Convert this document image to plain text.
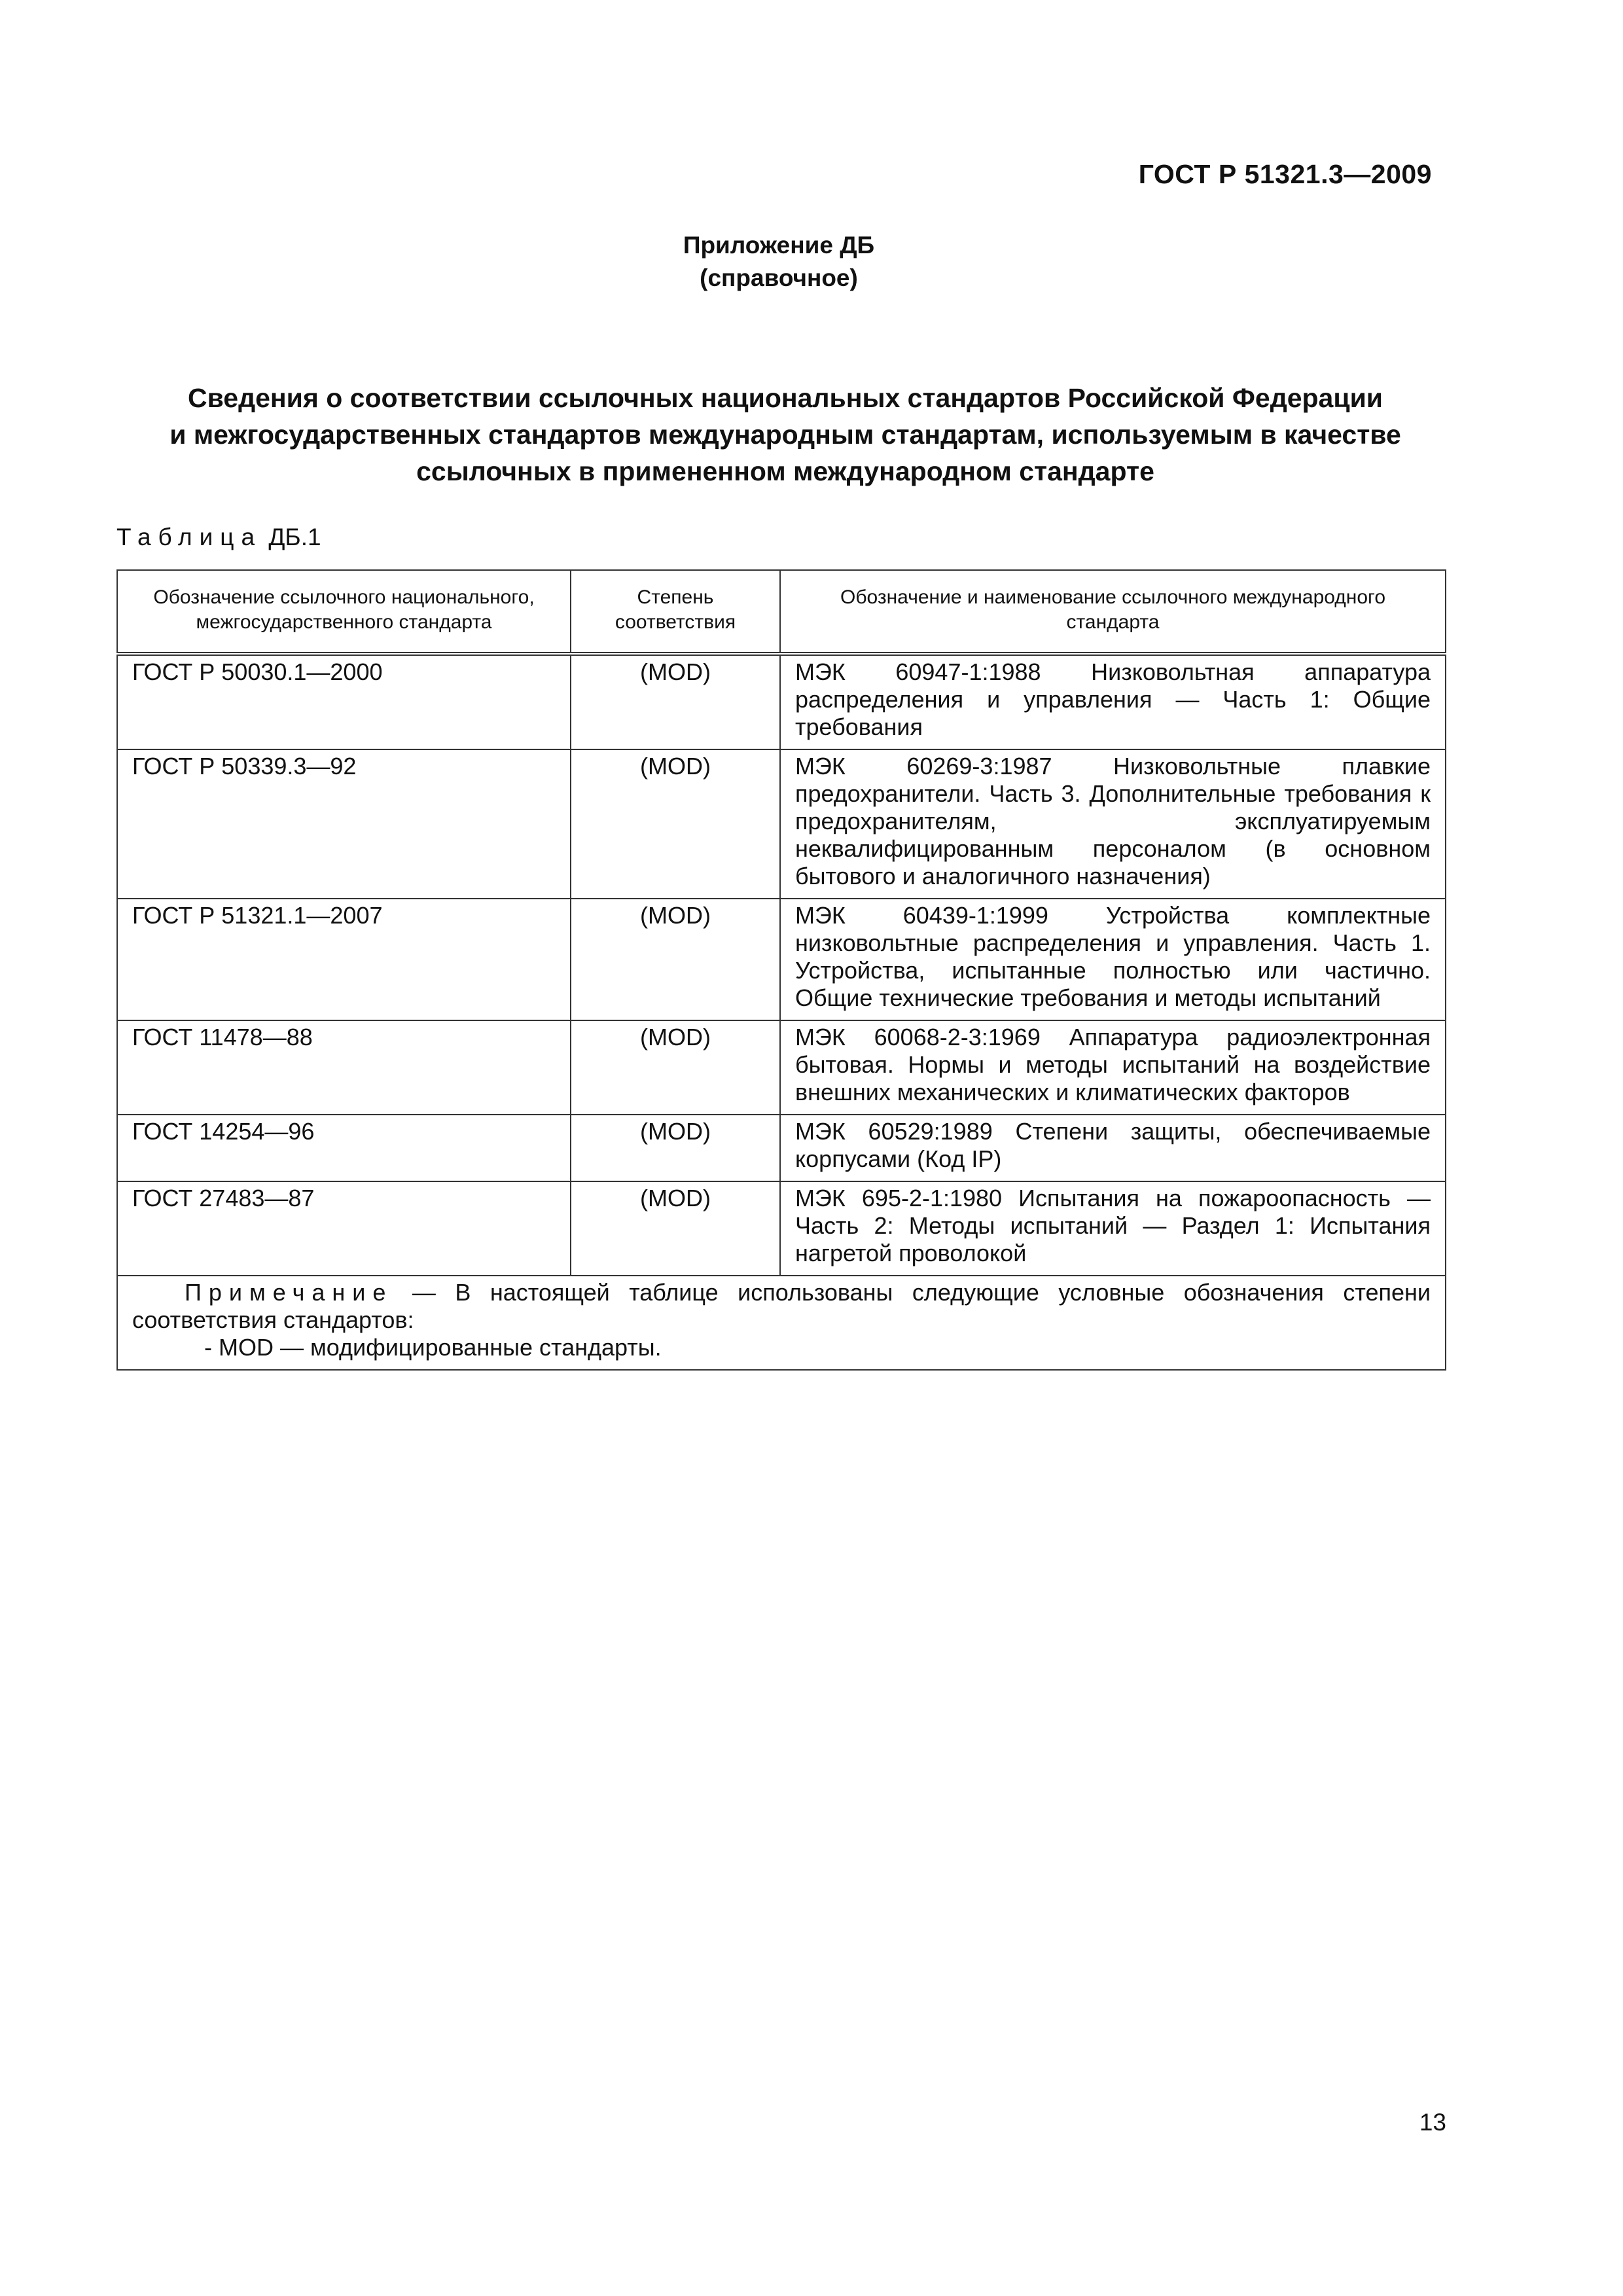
ГОСТ Р 51321.3—2009
Приложение ДБ
(справочное)
Сведения о соответствии ссылочных национальных стандартов Российской Федерации
и межгосударственных стандартов международным стандартам, используемым в качестве
ссылочных в примененном международном стандарте
Таблица ДБ.1
Обозначение ссылочного национального, межгосударственного стандарта	Степень соответствия	Обозначение и наименование ссылочного международного стандарта
ГОСТ Р 50030.1—2000	(MOD)	МЭК 60947-1:1988 Низковольтная аппаратура распределения и управления — Часть 1: Общие требования
ГОСТ Р 50339.3—92	(MOD)	МЭК 60269-3:1987 Низковольтные плавкие предохранители. Часть 3. Дополнительные требования к предохранителям, эксплуатируемым неквалифицированным персоналом (в основном бытового и аналогичного назначения)
ГОСТ Р 51321.1—2007	(MOD)	МЭК 60439-1:1999 Устройства комплектные низковольтные распределения и управления. Часть 1. Устройства, испытанные полностью или частично. Общие технические требования и методы испытаний
ГОСТ 11478—88	(MOD)	МЭК 60068-2-3:1969 Аппаратура радиоэлектронная бытовая. Нормы и методы испытаний на воздействие внешних механических и климатических факторов
ГОСТ 14254—96	(MOD)	МЭК 60529:1989 Степени защиты, обеспечиваемые корпусами (Код IP)
ГОСТ 27483—87	(MOD)	МЭК 695-2-1:1980 Испытания на пожароопасность — Часть 2: Методы испытаний — Раздел 1: Испытания нагретой проволокой

Примечание — В настоящей таблице использованы следующие условные обозначения степени соответствия стандартов:
- MOD — модифицированные стандарты.		
13
